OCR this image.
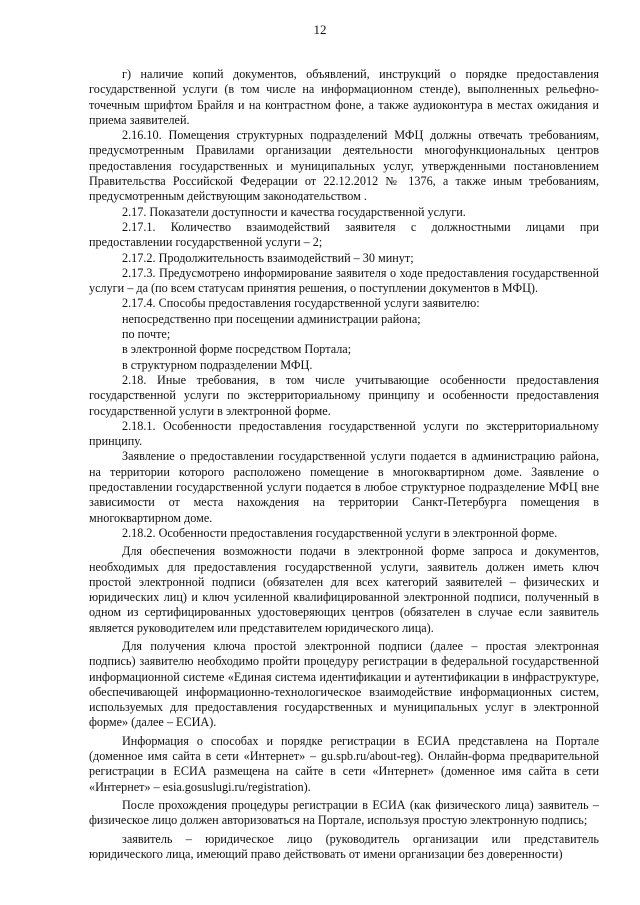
12

г) наличие копий документов, объявлений, инструкций о порядке предоставления государственной услуги (в том числе на информационном стенде), выполненных рельефно-точечным шрифтом Брайля и на контрастном фоне, а также аудиоконтура в местах ожидания и приема заявителей.

2.16.10. Помещения структурных подразделений МФЦ должны отвечать требованиям, предусмотренным Правилами организации деятельности многофункциональных центров предоставления государственных и муниципальных услуг, утвержденными постановлением Правительства Российской Федерации от 22.12.2012 № 1376, а также иным требованиям, предусмотренным действующим законодательством .

2.17. Показатели доступности и качества государственной услуги.

2.17.1. Количество взаимодействий заявителя с должностными лицами при предоставлении государственной услуги – 2;

2.17.2. Продолжительность взаимодействий – 30 минут;

2.17.3. Предусмотрено информирование заявителя о ходе предоставления государственной услуги – да (по всем статусам принятия решения, о поступлении документов в МФЦ).

2.17.4. Способы предоставления государственной услуги заявителю:

непосредственно при посещении администрации района;

по почте;

в электронной форме посредством Портала;

в структурном подразделении МФЦ.

2.18. Иные требования, в том числе учитывающие особенности предоставления государственной услуги по экстерриториальному принципу и особенности предоставления государственной услуги в электронной форме.

2.18.1. Особенности предоставления государственной услуги по экстерриториальному принципу.

Заявление о предоставлении государственной услуги подается в администрацию района, на территории которого расположено помещение в многоквартирном доме. Заявление о предоставлении государственной услуги подается в любое структурное подразделение МФЦ вне зависимости от места нахождения на территории Санкт-Петербурга помещения в многоквартирном доме.

2.18.2. Особенности предоставления государственной услуги в электронной форме.

Для обеспечения возможности подачи в электронной форме запроса и документов, необходимых для предоставления государственной услуги, заявитель должен иметь ключ простой электронной подписи (обязателен для всех категорий заявителей – физических и юридических лиц) и ключ усиленной квалифицированной электронной подписи, полученный в одном из сертифицированных удостоверяющих центров (обязателен в случае если заявитель является руководителем или представителем юридического лица).

Для получения ключа простой электронной подписи (далее – простая электронная подпись) заявителю необходимо пройти процедуру регистрации в федеральной государственной информационной системе «Единая система идентификации и аутентификации в инфраструктуре, обеспечивающей информационно-технологическое взаимодействие информационных систем, используемых для предоставления государственных и муниципальных услуг в электронной форме» (далее – ЕСИА).

Информация о способах и порядке регистрации в ЕСИА представлена на Портале (доменное имя сайта в сети «Интернет» – gu.spb.ru/about-reg). Онлайн-форма предварительной регистрации в ЕСИА размещена на сайте в сети «Интернет» (доменное имя сайта в сети «Интернет» – esia.gosuslugi.ru/registration).

После прохождения процедуры регистрации в ЕСИА (как физического лица) заявитель – физическое лицо должен авторизоваться на Портале, используя простую электронную подпись;

заявитель – юридическое лицо (руководитель организации или представитель юридического лица, имеющий право действовать от имени организации без доверенности)
